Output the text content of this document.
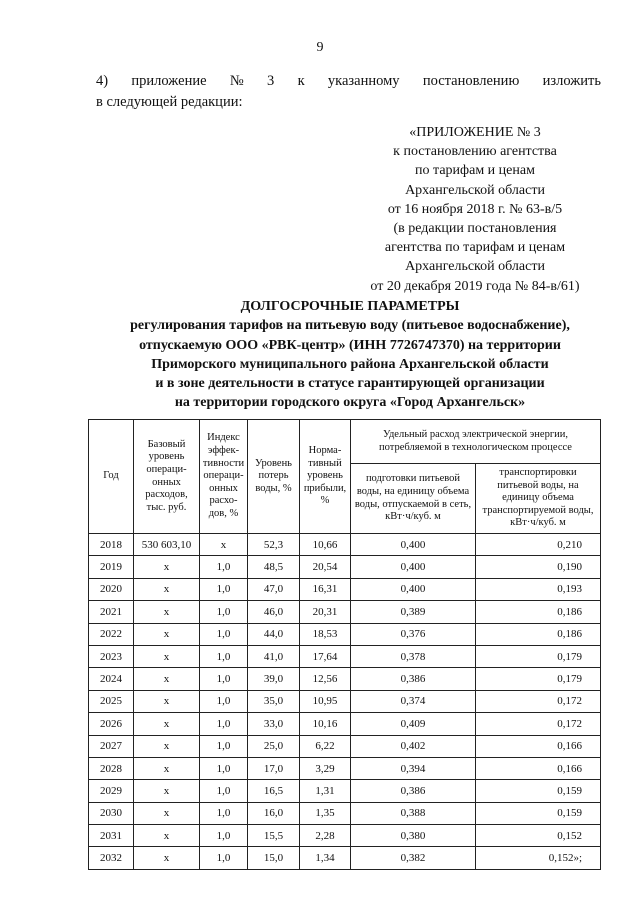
9
4) приложение № 3 к указанному постановлению изложить
в следующей редакции:
«ПРИЛОЖЕНИЕ № 3
к постановлению агентства
по тарифам и ценам
Архангельской области
от 16 ноября 2018 г. № 63-в/5
(в редакции постановления
агентства по тарифам и ценам
Архангельской области
от 20 декабря 2019 года № 84-в/61)
ДОЛГОСРОЧНЫЕ ПАРАМЕТРЫ
регулирования тарифов на питьевую воду (питьевое водоснабжение),
отпускаемую ООО «РВК-центр» (ИНН 7726747370) на территории
Приморского муниципального района Архангельской области
и в зоне деятельности в статусе гарантирующей организации
на территории городского округа «Город Архангельск»
Год	Базовый уровень операци-онных расходов, тыс. руб.	Индекс эффек-тивности операци-онных расхо-дов, %	Уровень потерь воды, %	Норма-тивный уровень прибыли, %	Удельный расход электрической энергии, потребляемой в технологическом процессе	
					подготовки питьевой воды, на единицу объема воды, отпускаемой в сеть, кВт·ч/куб. м	транспортировки питьевой воды, на единицу объема транспортируемой воды, кВт·ч/куб. м
2018	530 603,10	х	52,3	10,66	0,400	0,210
2019	х	1,0	48,5	20,54	0,400	0,190
2020	х	1,0	47,0	16,31	0,400	0,193
2021	х	1,0	46,0	20,31	0,389	0,186
2022	х	1,0	44,0	18,53	0,376	0,186
2023	х	1,0	41,0	17,64	0,378	0,179
2024	х	1,0	39,0	12,56	0,386	0,179
2025	х	1,0	35,0	10,95	0,374	0,172
2026	х	1,0	33,0	10,16	0,409	0,172
2027	х	1,0	25,0	6,22	0,402	0,166
2028	х	1,0	17,0	3,29	0,394	0,166
2029	х	1,0	16,5	1,31	0,386	0,159
2030	х	1,0	16,0	1,35	0,388	0,159
2031	х	1,0	15,5	2,28	0,380	0,152
2032	х	1,0	15,0	1,34	0,382	0,152»;
